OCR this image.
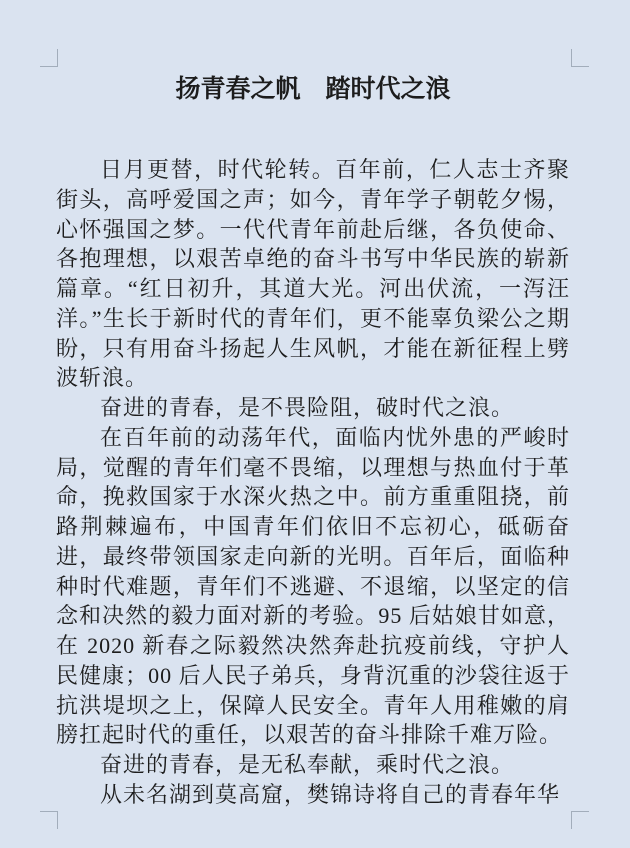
扬青春之帆　踏时代之浪

日月更替，时代轮转。百年前，仁人志士齐聚街头，高呼爱国之声；如今，青年学子朝乾夕惕，心怀强国之梦。一代代青年前赴后继，各负使命、各抱理想，以艰苦卓绝的奋斗书写中华民族的崭新篇章。“红日初升，其道大光。河出伏流，一泻汪洋。”生长于新时代的青年们，更不能辜负梁公之期盼，只有用奋斗扬起人生风帆，才能在新征程上劈波斩浪。

奋进的青春，是不畏险阻，破时代之浪。

在百年前的动荡年代，面临内忧外患的严峻时局，觉醒的青年们毫不畏缩，以理想与热血付于革命，挽救国家于水深火热之中。前方重重阻挠，前路荆棘遍布，中国青年们依旧不忘初心，砥砺奋进，最终带领国家走向新的光明。百年后，面临种种时代难题，青年们不逃避、不退缩，以坚定的信念和决然的毅力面对新的考验。95 后姑娘甘如意，在 2020 新春之际毅然决然奔赴抗疫前线，守护人民健康；00 后人民子弟兵，身背沉重的沙袋往返于抗洪堤坝之上，保障人民安全。青年人用稚嫩的肩膀扛起时代的重任，以艰苦的奋斗排除千难万险。

奋进的青春，是无私奉献，乘时代之浪。

从未名湖到莫高窟，樊锦诗将自己的青春年华
